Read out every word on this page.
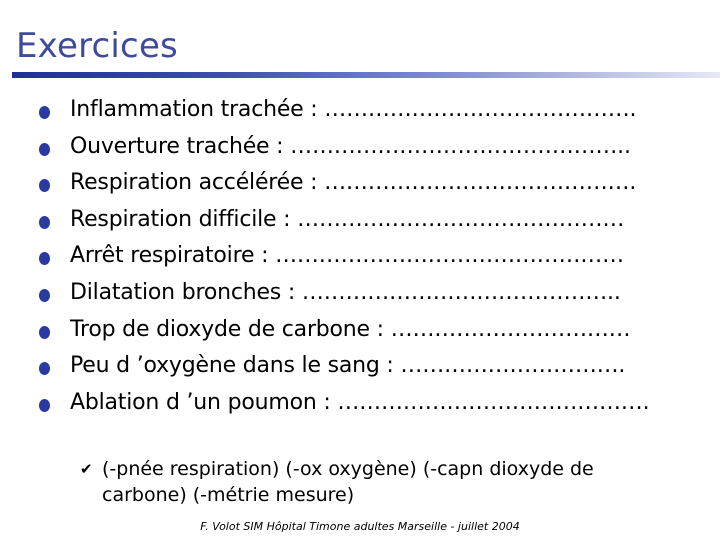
Exercices
Inflammation trachée : …………………………………….
Ouverture trachée : ………………………………………..
Respiration accélérée : …………………………………….
Respiration difficile : ………………………………………
Arrêt respiratoire : …………………………………………
Dilatation bronches : ……………………………………..
Trop de dioxyde de carbone : ……………………………
Peu d ’oxygène dans le sang : ………………………….
Ablation d ’un poumon : …………………………………….
✔ (-pnée respiration) (-ox oxygène) (-capn dioxyde de carbone) (-métrie mesure)
F. Volot SIM Hôpital Timone adultes Marseille - juillet 2004
